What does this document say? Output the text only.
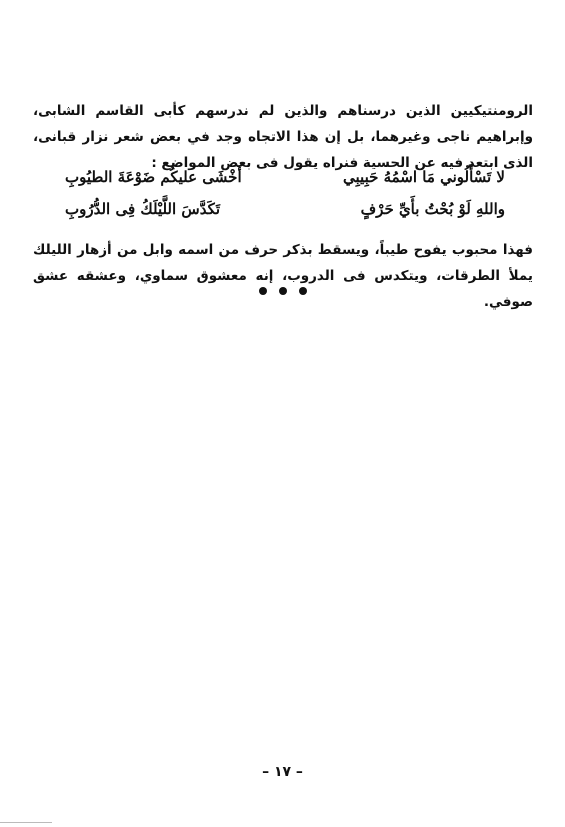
الرومنتيكيين الذين درسناهم والذين لم ندرسهم كأبى القاسم الشابى، وإبراهيم ناجى وغيرهما، بل إن هذا الاتجاه وجد في بعض شعر نزار قبانى، الذى ابتعد فيه عن الحسية فنراه يقول فى بعض المواضع :

لا تَسْأَلُوني مَا اسْمُهُ حَبِيبِي
أَخْشَى عليكُم ضَوْعَةَ الطيُوبِ
واللهِ لَوْ بُحْتُ بأَيِّ حَرْفٍ
تَكَدَّسَ اللَّيْلَكُ فِى الدُّرُوبِ

فهذا محبوب يفوح طيباً، ويسقط بذكر حرف من اسمه وابل من أزهار الليلك يملأ الطرقات، ويتكدس فى الدروب، إنه معشوق سماوي، وعشقه عشق صوفي.

– ١٧ –
